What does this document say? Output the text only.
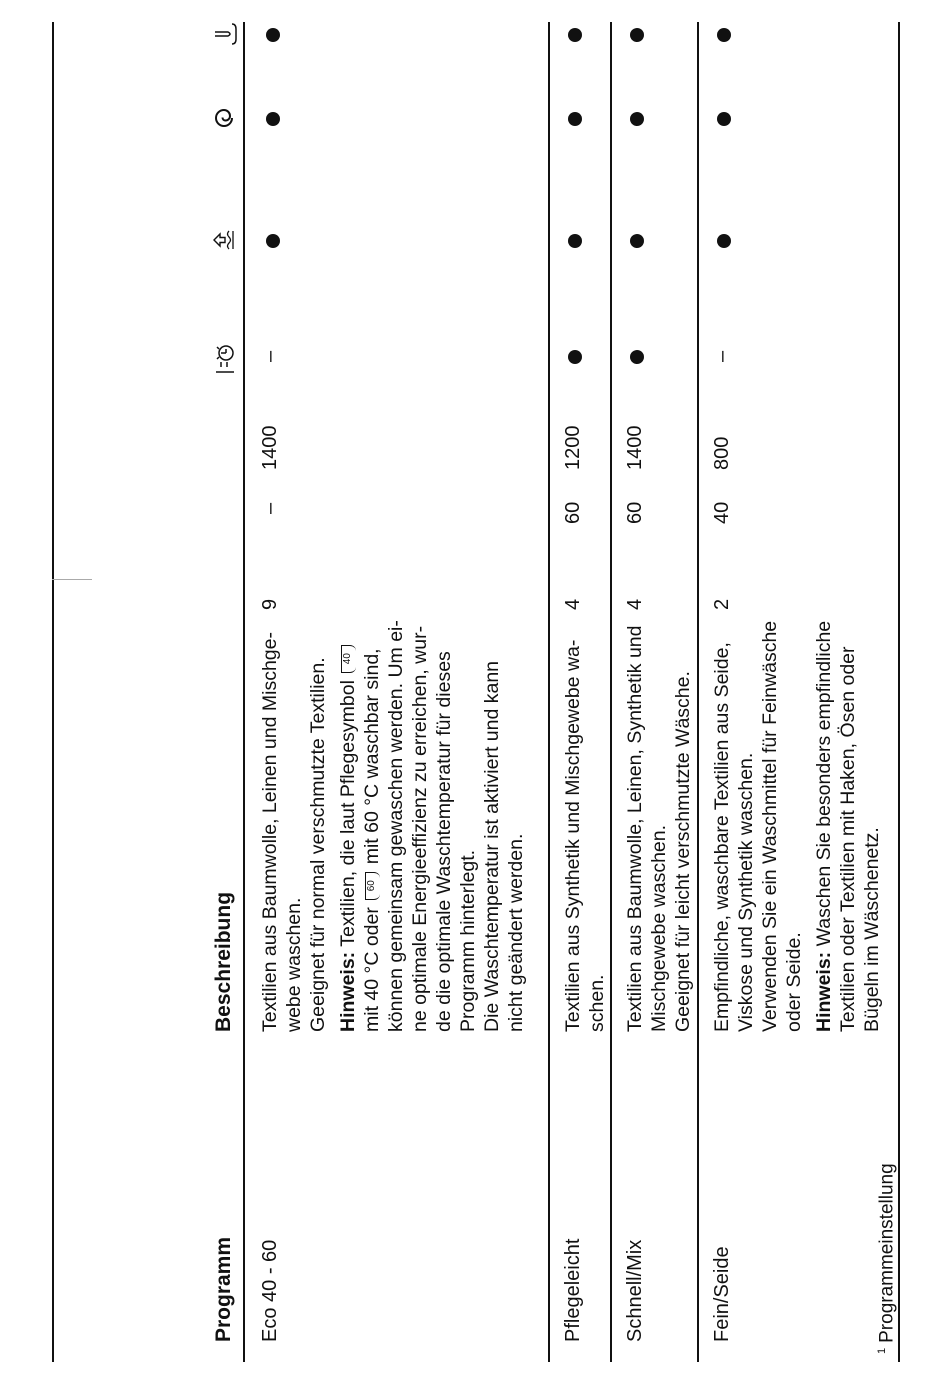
Programm
Beschreibung
Eco 40 - 60

Textilien aus Baumwolle, Leinen und Mischge- webe waschen. Geeignet für normal verschmutzte Textilien. Hinweis: Textilien, die laut Pflegesymbol 40

mit 40 °C oder 60 mit 60 °C waschbar sind, können gemeinsam gewaschen werden. Um ei- ne optimale Energieeffizienz zu erreichen, wur- de die optimale Waschtemperatur für dieses Programm hinterlegt. Die Waschtemperatur ist aktiviert und kann nicht geändert werden.

9
–
1400
–
Pflegeleicht

Textilien aus Synthetik und Mischgewebe wa- schen.

4
60
1200
Schnell/Mix

Textilien aus Baumwolle, Leinen, Synthetik und Mischgewebe waschen. Geeignet für leicht verschmutzte Wäsche.

4
60
1400
Fein/Seide

Empfindliche, waschbare Textilien aus Seide, Viskose und Synthetik waschen. Verwenden Sie ein Waschmittel für Feinwäsche oder Seide. Hinweis: Waschen Sie besonders empfindliche Textilien oder Textilien mit Haken, Ösen oder Bügeln im Wäschenetz.

2
40
800
–
$^1$Programmeinstellung
